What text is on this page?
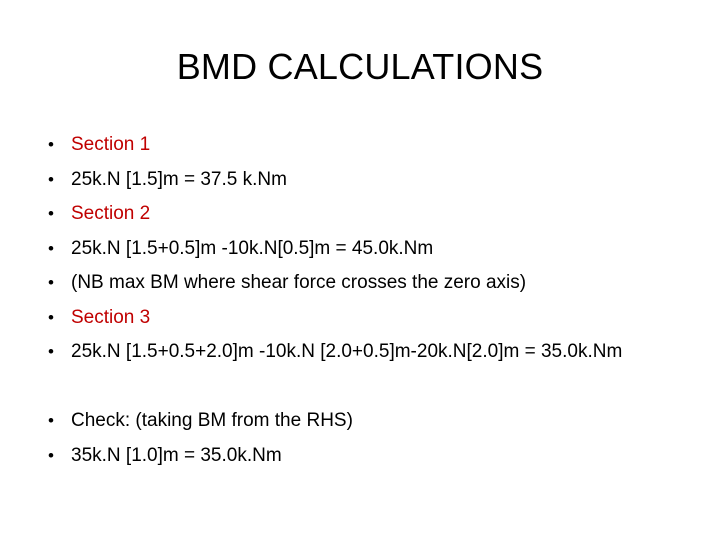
BMD CALCULATIONS
• Section 1
• 25k.N [1.5]m = 37.5 k.Nm
• Section 2
• 25k.N [1.5+0.5]m -10k.N[0.5]m = 45.0k.Nm
• (NB max BM where shear force crosses the zero axis)
• Section 3
• 25k.N [1.5+0.5+2.0]m -10k.N [2.0+0.5]m-20k.N[2.0]m = 35.0k.Nm
• Check: (taking BM from the RHS)
• 35k.N [1.0]m = 35.0k.Nm
